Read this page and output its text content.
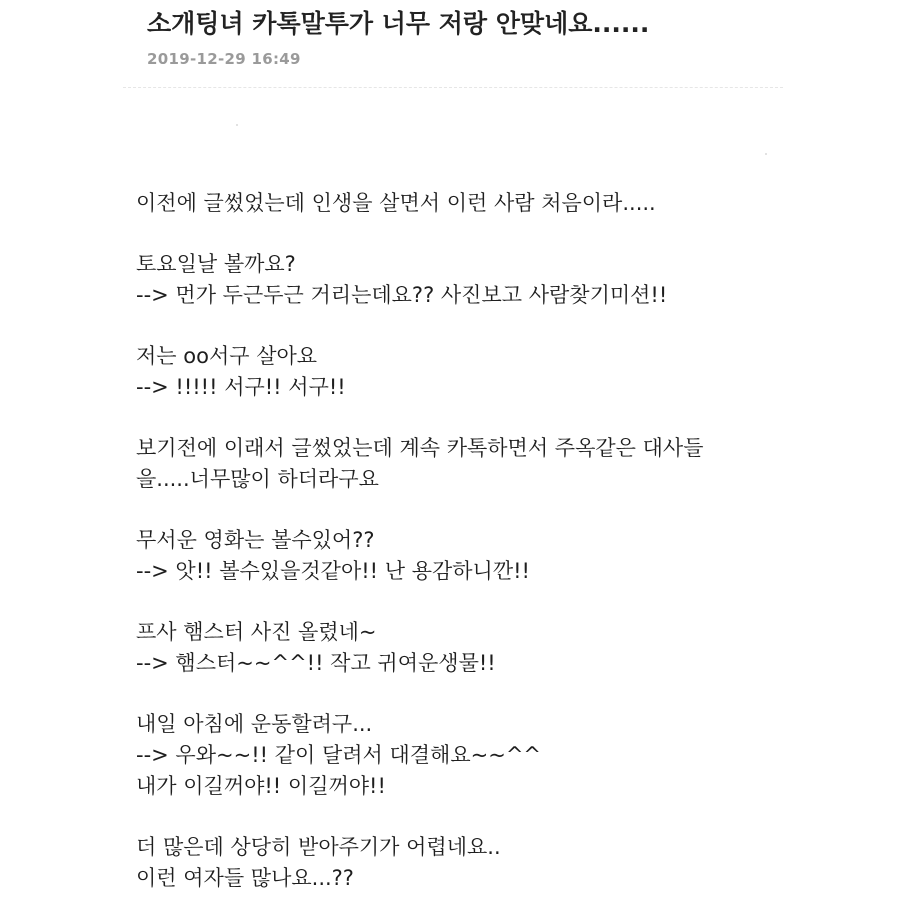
소개팅녀 카톡말투가 너무 저랑 안맞네요......
2019-12-29 16:49

이전에 글썼었는데 인생을 살면서 이런 사람 처음이라.....

토요일날 볼까요?
--> 먼가 두근두근 거리는데요?? 사진보고 사람찾기미션!!

저는 oo서구 살아요
--> !!!!! 서구!! 서구!!

보기전에 이래서 글썼었는데 계속 카톡하면서 주옥같은 대사들
을.....너무많이 하더라구요

무서운 영화는 볼수있어??
--> 앗!! 볼수있을것같아!! 난 용감하니깐!!

프사 햄스터 사진 올렸네~
--> 햄스터~~^^!! 작고 귀여운생물!!

내일 아침에 운동할려구...
--> 우와~~!! 같이 달려서 대결해요~~^^
내가 이길꺼야!! 이길꺼야!!

더 많은데 상당히 받아주기가 어렵네요..
이런 여자들 많나요...??
